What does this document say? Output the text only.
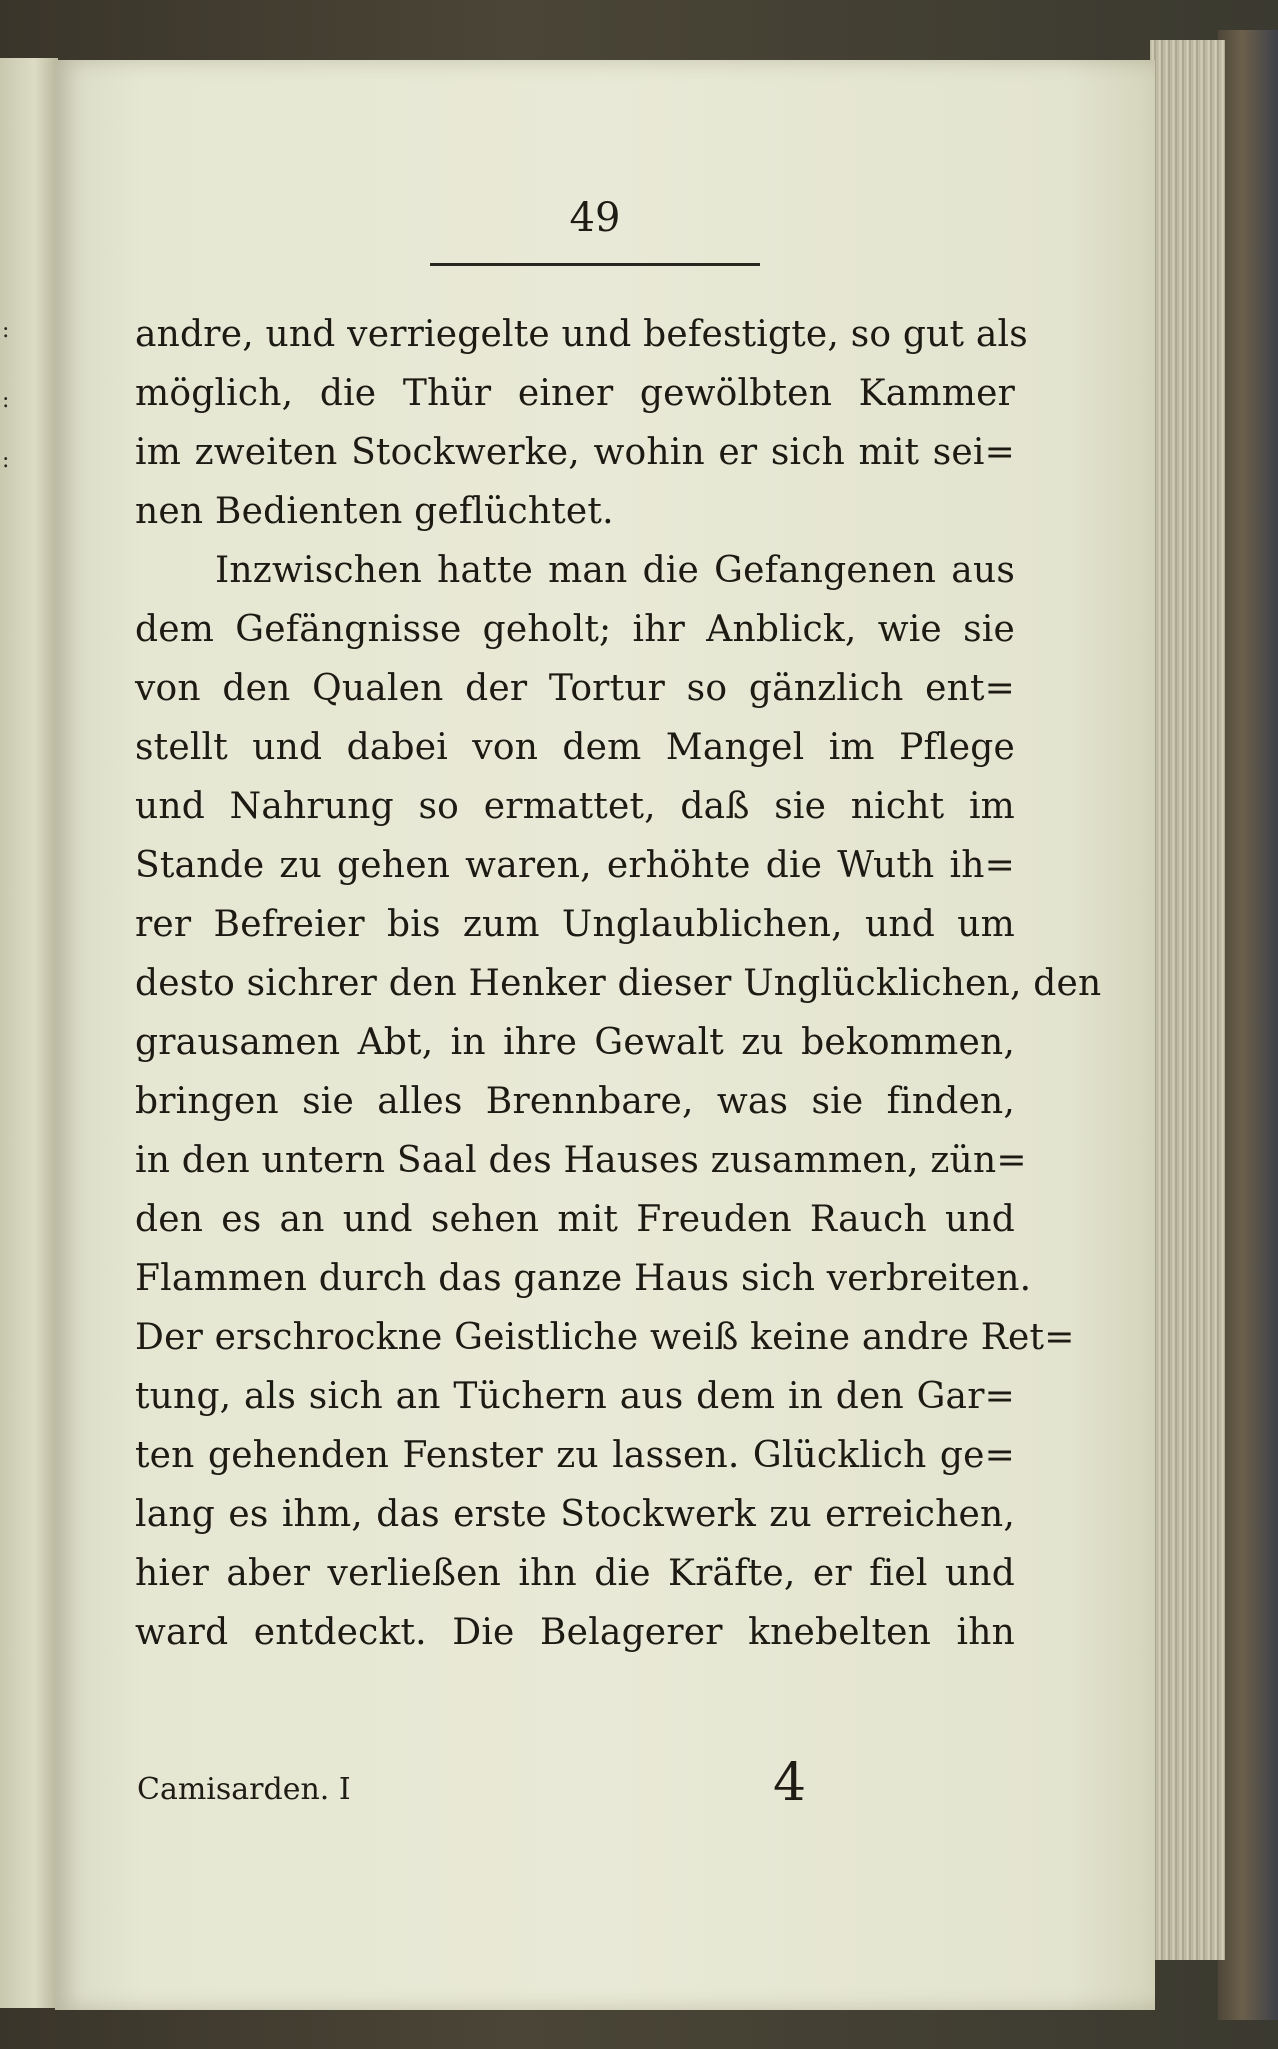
:
:
:
49
andre, und verriegelte und befestigte, so gut als
möglich, die Thür einer gewölbten Kammer
im zweiten Stockwerke, wohin er sich mit sei=
nen Bedienten geflüchtet.
Inzwischen hatte man die Gefangenen aus
dem Gefängnisse geholt; ihr Anblick, wie sie
von den Qualen der Tortur so gänzlich ent=
stellt und dabei von dem Mangel im Pflege
und Nahrung so ermattet, daß sie nicht im
Stande zu gehen waren, erhöhte die Wuth ih=
rer Befreier bis zum Unglaublichen, und um
desto sichrer den Henker dieser Unglücklichen, den
grausamen Abt, in ihre Gewalt zu bekommen,
bringen sie alles Brennbare, was sie finden,
in den untern Saal des Hauses zusammen, zün=
den es an und sehen mit Freuden Rauch und
Flammen durch das ganze Haus sich verbreiten.
Der erschrockne Geistliche weiß keine andre Ret=
tung, als sich an Tüchern aus dem in den Gar=
ten gehenden Fenster zu lassen. Glücklich ge=
lang es ihm, das erste Stockwerk zu erreichen,
hier aber verließen ihn die Kräfte, er fiel und
ward entdeckt. Die Belagerer knebelten ihn
Camisarden. I	4
